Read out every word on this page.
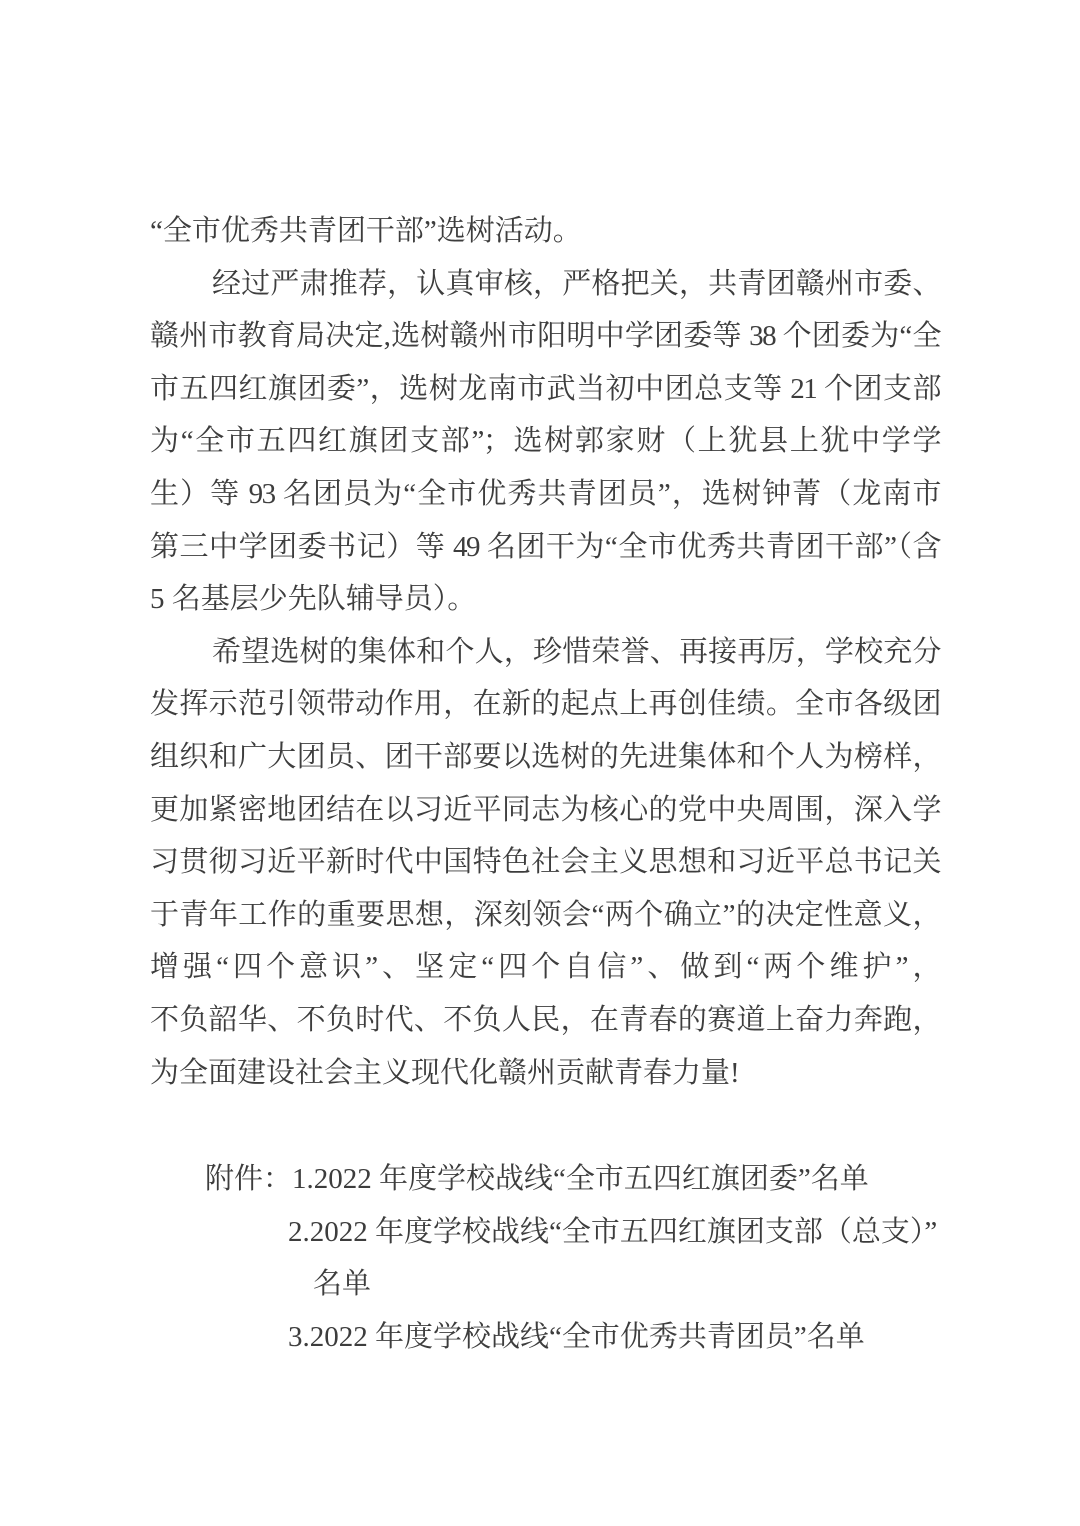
“全市优秀共青团干部”选树活动。
经过严肃推荐，认真审核，严格把关，共青团赣州市委、
赣州市教育局决定,选树赣州市阳明中学团委等 38 个团委为“全
市五四红旗团委”，选树龙南市武当初中团总支等 21 个团支部
为“全市五四红旗团支部”；选树郭家财（上犹县上犹中学学
生）等 93 名团员为“全市优秀共青团员”，选树钟菁（龙南市
第三中学团委书记）等 49 名团干为“全市优秀共青团干部”（含
5 名基层少先队辅导员）。
希望选树的集体和个人，珍惜荣誉、再接再厉，学校充分
发挥示范引领带动作用，在新的起点上再创佳绩。全市各级团
组织和广大团员、团干部要以选树的先进集体和个人为榜样，
更加紧密地团结在以习近平同志为核心的党中央周围，深入学
习贯彻习近平新时代中国特色社会主义思想和习近平总书记关
于青年工作的重要思想，深刻领会“两个确立”的决定性意义，
增强“四个意识”、坚定“四个自信”、做到“两个维护”，
不负韶华、不负时代、不负人民，在青春的赛道上奋力奔跑，
为全面建设社会主义现代化赣州贡献青春力量!
附件：1.2022 年度学校战线“全市五四红旗团委”名单
2.2022 年度学校战线“全市五四红旗团支部（总支）”
名单
3.2022 年度学校战线“全市优秀共青团员”名单
